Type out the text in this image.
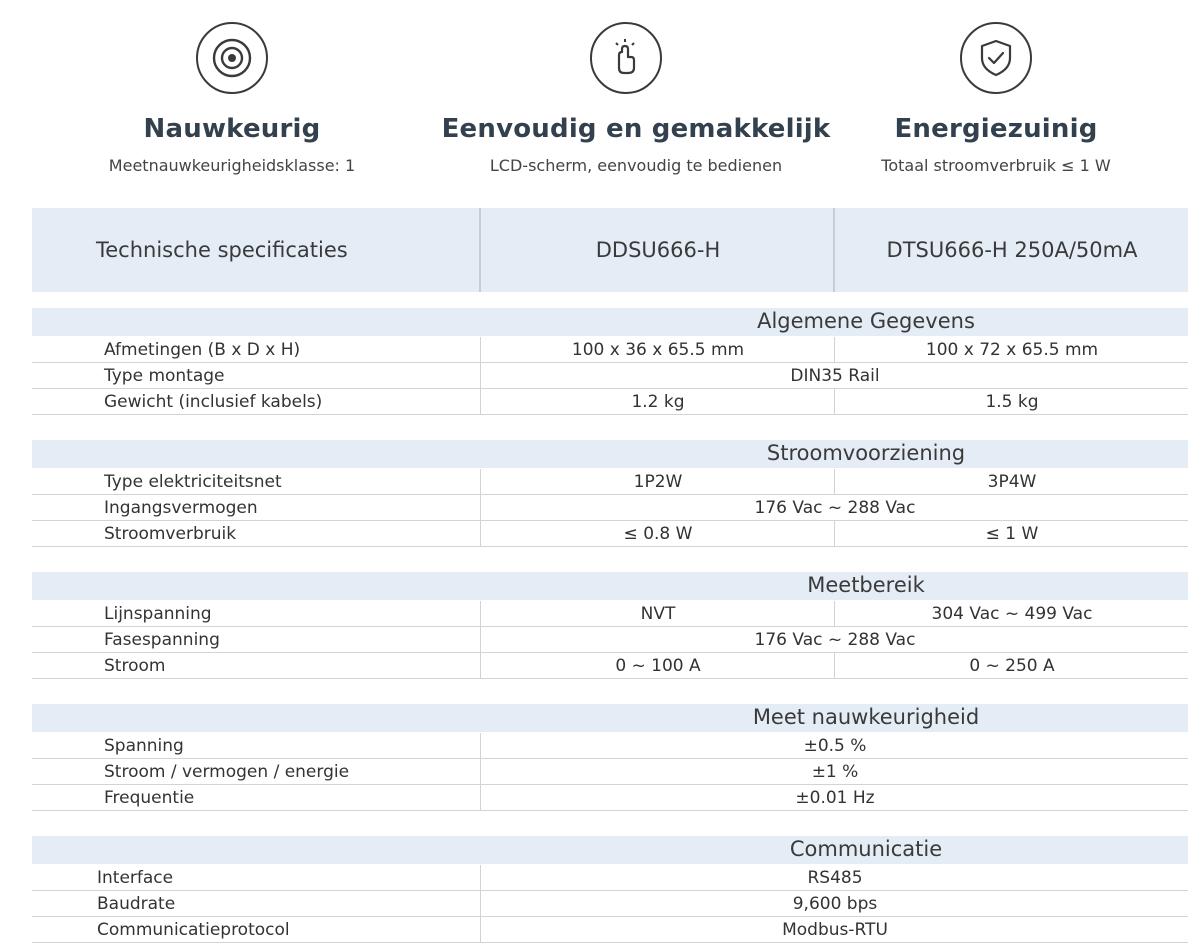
Nauwkeurig
Meetnauwkeurigheidsklasse: 1
Eenvoudig en gemakkelijk
LCD-scherm, eenvoudig te bedienen
Energiezuinig
Totaal stroomverbruik ≤ 1 W
Technische specificaties	DDSU666-H	DTSU666-H 250A/50mA
Algemene Gegevens
Afmetingen (B x D x H)	100 x 36 x 65.5 mm	100 x 72 x 65.5 mm
Type montage	DIN35 Rail
Gewicht (inclusief kabels)	1.2 kg	1.5 kg
Stroomvoorziening
Type elektriciteitsnet	1P2W	3P4W
Ingangsvermogen	176 Vac ~ 288 Vac
Stroomverbruik	≤ 0.8 W	≤ 1 W
Meetbereik
Lijnspanning	NVT	304 Vac ~ 499 Vac
Fasespanning	176 Vac ~ 288 Vac
Stroom	0 ~ 100 A	0 ~ 250 A
Meet nauwkeurigheid
Spanning	±0.5 %
Stroom / vermogen / energie	±1 %
Frequentie	±0.01 Hz
Communicatie
Interface	RS485
Baudrate	9,600 bps
Communicatieprotocol	Modbus-RTU
